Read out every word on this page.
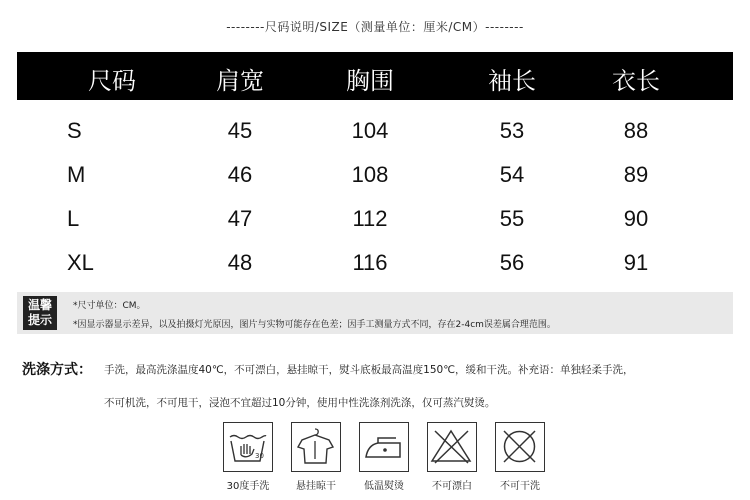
--------尺码说明/SIZE（测量单位：厘米/CM）--------
尺码	肩宽	胸围	袖长	衣长
S	45	104	53	88
M	46	108	54	89
L	47	112	55	90
XL	48	116	56	91
温馨
提示
*尺寸单位：CM。
*因显示器显示差异，以及拍摄灯光原因，图片与实物可能存在色差；因手工测量方式不同，存在2-4cm误差属合理范围。
洗涤方式： 手洗，最高洗涤温度40℃，不可漂白，悬挂晾干，熨斗底板最高温度150℃，缓和干洗。补充语：单独轻柔手洗，
不可机洗，不可甩干，浸泡不宜超过10分钟，使用中性洗涤剂洗涤，仅可蒸汽熨烫。
30
30度手洗	悬挂晾干	低温熨烫	不可漂白	不可干洗
